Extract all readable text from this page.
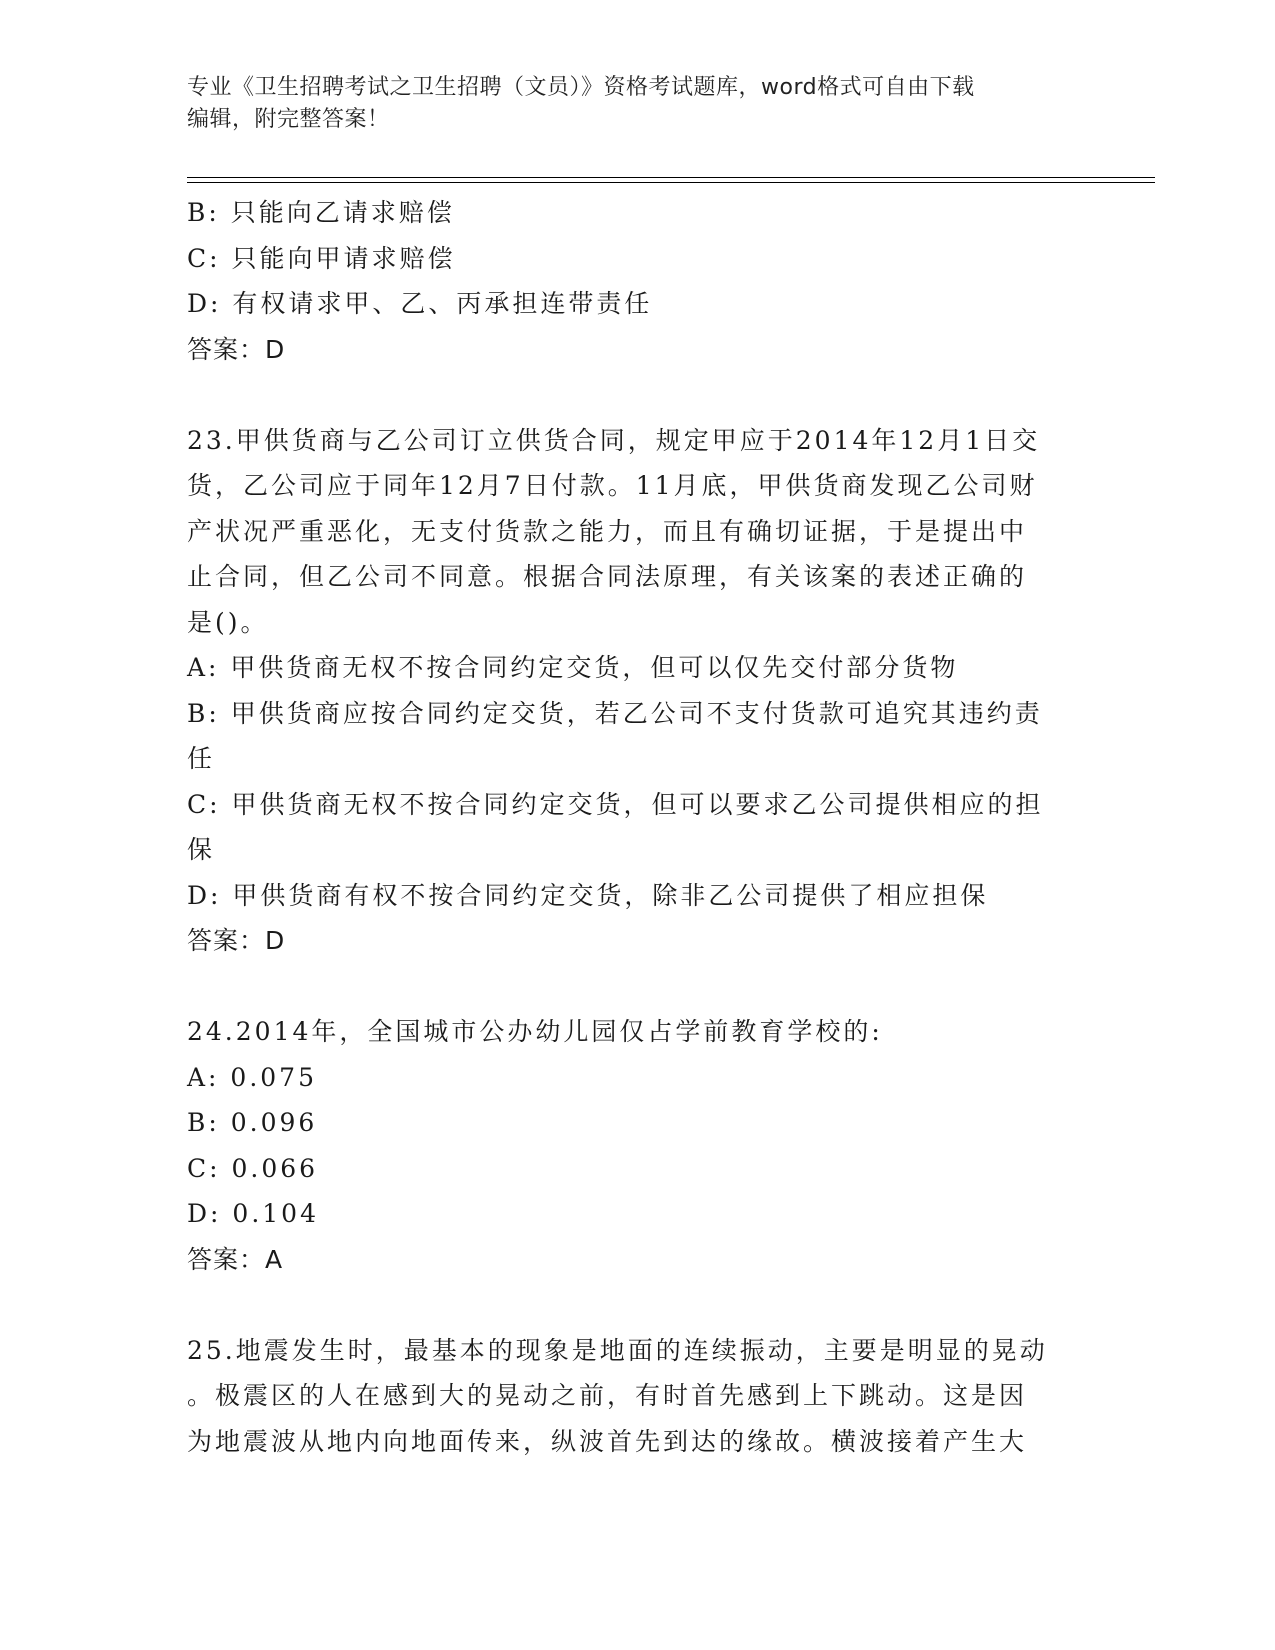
专业《卫生招聘考试之卫生招聘（文员）》资格考试题库，word格式可自由下载
编辑，附完整答案！
B: 只能向乙请求赔偿
C: 只能向甲请求赔偿
D: 有权请求甲、乙、丙承担连带责任
答案：D
23.甲供货商与乙公司订立供货合同，规定甲应于2014年12月1日交
货，乙公司应于同年12月7日付款。11月底，甲供货商发现乙公司财
产状况严重恶化，无支付货款之能力，而且有确切证据，于是提出中
止合同，但乙公司不同意。根据合同法原理，有关该案的表述正确的
是()。
A: 甲供货商无权不按合同约定交货，但可以仅先交付部分货物
B: 甲供货商应按合同约定交货，若乙公司不支付货款可追究其违约责
任
C: 甲供货商无权不按合同约定交货，但可以要求乙公司提供相应的担
保
D: 甲供货商有权不按合同约定交货，除非乙公司提供了相应担保
答案：D
24.2014年，全国城市公办幼儿园仅占学前教育学校的:
A: 0.075
B: 0.096
C: 0.066
D: 0.104
答案：A
25.地震发生时，最基本的现象是地面的连续振动，主要是明显的晃动
。极震区的人在感到大的晃动之前，有时首先感到上下跳动。这是因
为地震波从地内向地面传来，纵波首先到达的缘故。横波接着产生大
